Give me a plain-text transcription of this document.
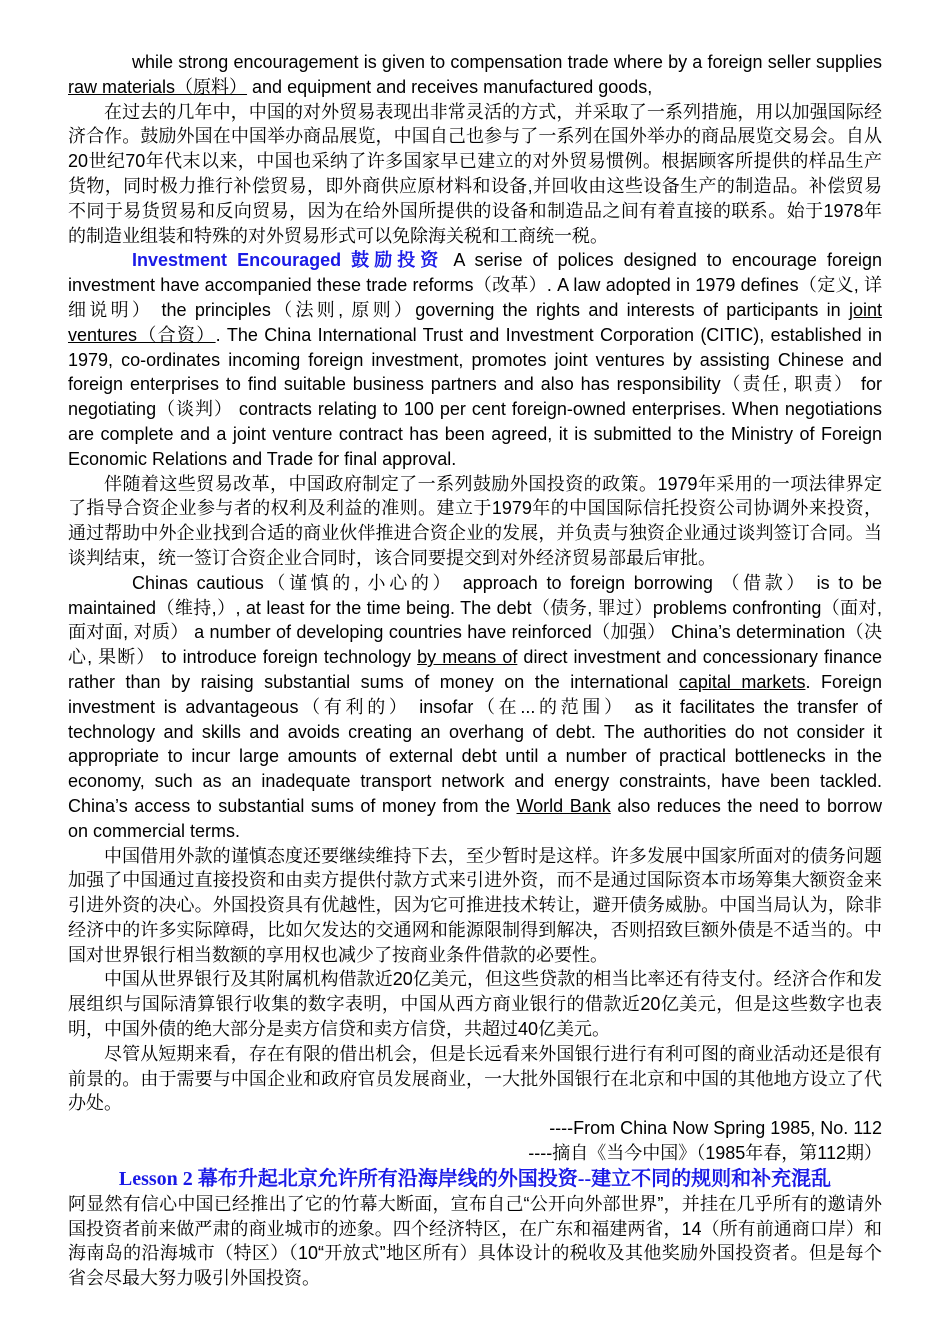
while strong encouragement is given to compensation trade where by a foreign seller supplies raw materials（原料） and equipment and receives manufactured goods,

在过去的几年中，中国的对外贸易表现出非常灵活的方式，并采取了一系列措施，用以加强国际经济合作。鼓励外国在中国举办商品展览，中国自己也参与了一系列在国外举办的商品展览交易会。自从20世纪70年代末以来，中国也采纳了许多国家早已建立的对外贸易惯例。根据顾客所提供的样品生产货物，同时极力推行补偿贸易，即外商供应原材料和设备,并回收由这些设备生产的制造品。补偿贸易不同于易货贸易和反向贸易，因为在给外国所提供的设备和制造品之间有着直接的联系。始于1978年的制造业组装和特殊的对外贸易形式可以免除海关税和工商统一税。

Investment Encouraged 鼓励投资 A serise of polices designed to encourage foreign investment have accompanied these trade reforms（改革）. A law adopted in 1979 defines（定义, 详细说明） the principles（法则, 原则）governing the rights and interests of participants in joint ventures（合资）. The China International Trust and Investment Corporation (CITIC), established in 1979, co-ordinates incoming foreign investment, promotes joint ventures by assisting Chinese and foreign enterprises to find suitable business partners and also has responsibility（责任, 职责） for negotiating（谈判） contracts relating to 100 per cent foreign-owned enterprises. When negotiations are complete and a joint venture contract has been agreed, it is submitted to the Ministry of Foreign Economic Relations and Trade for final approval.

伴随着这些贸易改革，中国政府制定了一系列鼓励外国投资的政策。1979年采用的一项法律界定了指导合资企业参与者的权利及利益的准则。建立于1979年的中国国际信托投资公司协调外来投资，通过帮助中外企业找到合适的商业伙伴推进合资企业的发展，并负责与独资企业通过谈判签订合同。当谈判结束，统一签订合资企业合同时，该合同要提交到对外经济贸易部最后审批。

Chinas cautious（谨慎的, 小心的） approach to foreign borrowing （借款） is to be maintained（维持,）, at least for the time being. The debt（债务, 罪过）problems confronting（面对, 面对面, 对质） a number of developing countries have reinforced（加强） China’s determination（决心, 果断） to introduce foreign technology by means of direct investment and concessionary finance rather than by raising substantial sums of money on the international capital markets. Foreign investment is advantageous（有利的） insofar（在...的范围） as it facilitates the transfer of technology and skills and avoids creating an overhang of debt. The authorities do not consider it appropriate to incur large amounts of external debt until a number of practical bottlenecks in the economy, such as an inadequate transport network and energy constraints, have been tackled. China’s access to substantial sums of money from the World Bank also reduces the need to borrow on commercial terms.

中国借用外款的谨慎态度还要继续维持下去，至少暂时是这样。许多发展中国家所面对的债务问题加强了中国通过直接投资和由卖方提供付款方式来引进外资，而不是通过国际资本市场筹集大额资金来引进外资的决心。外国投资具有优越性，因为它可推进技术转让，避开债务威胁。中国当局认为，除非经济中的许多实际障碍，比如欠发达的交通网和能源限制得到解决，否则招致巨额外债是不适当的。中国对世界银行相当数额的享用权也减少了按商业条件借款的必要性。

中国从世界银行及其附属机构借款近20亿美元，但这些贷款的相当比率还有待支付。经济合作和发展组织与国际清算银行收集的数字表明，中国从西方商业银行的借款近20亿美元，但是这些数字也表明，中国外债的绝大部分是卖方信贷和卖方信贷，共超过40亿美元。

尽管从短期来看，存在有限的借出机会，但是长远看来外国银行进行有利可图的商业活动还是很有前景的。由于需要与中国企业和政府官员发展商业，一大批外国银行在北京和中国的其他地方设立了代办处。

----From China Now Spring 1985, No. 112

----摘自《当今中国》（1985年春，第112期）

Lesson 2 幕布升起北京允许所有沿海岸线的外国投资--建立不同的规则和补充混乱

阿显然有信心中国已经推出了它的竹幕大断面，宣布自己“公开向外部世界”，并挂在几乎所有的邀请外国投资者前来做严肃的商业城市的迹象。四个经济特区，在广东和福建两省，14（所有前通商口岸）和海南岛的沿海城市（特区）（10“开放式”地区所有）具体设计的税收及其他奖励外国投资者。但是每个省会尽最大努力吸引外国投资。
